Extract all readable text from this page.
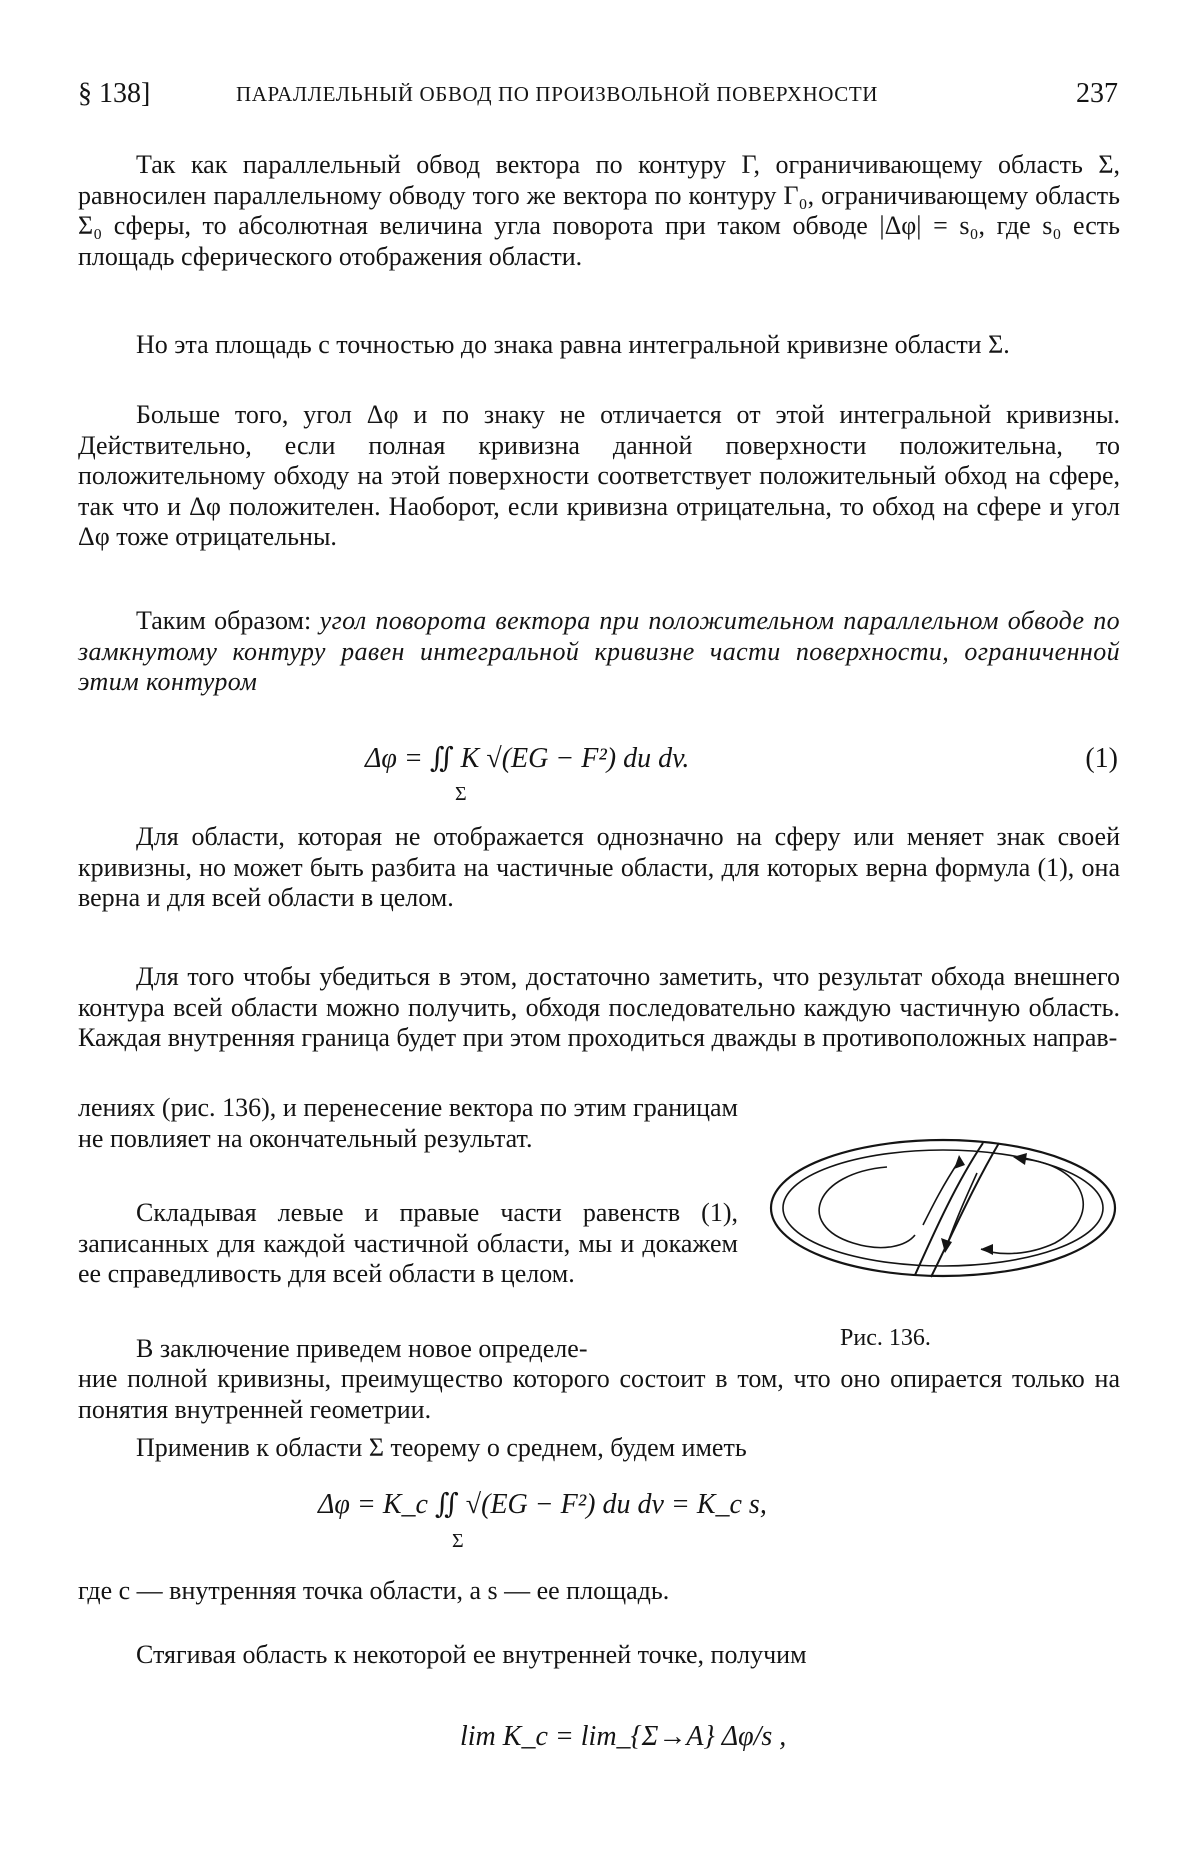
§ 138]	ПАРАЛЛЕЛЬНЫЙ ОБВОД ПО ПРОИЗВОЛЬНОЙ ПОВЕРХНОСТИ	237
Так как параллельный обвод вектора по контуру Γ, ограничивающему область Σ, равносилен параллельному обводу того же вектора по контуру Γ₀, ограничивающему область Σ₀ сферы, то абсолютная величина угла поворота при таком обводе |Δφ| = s₀, где s₀ есть площадь сферического отображения области.
Но эта площадь с точностью до знака равна интегральной кривизне области Σ.
Больше того, угол Δφ и по знаку не отличается от этой интегральной кривизны. Действительно, если полная кривизна данной поверхности положительна, то положительному обходу на этой поверхности соответствует положительный обход на сфере, так что и Δφ положителен. Наоборот, если кривизна отрицательна, то обход на сфере и угол Δφ тоже отрицательны.
Таким образом: угол поворота вектора при положительном параллельном обводе по замкнутому контуру равен интегральной кривизне части поверхности, ограниченной этим контуром
Δφ = ∬ K √(EG − F²) du dv.
Σ
(1)
Для области, которая не отображается однозначно на сферу или меняет знак своей кривизны, но может быть разбита на частичные области, для которых верна формула (1), она верна и для всей области в целом.
Для того чтобы убедиться в этом, достаточно заметить, что результат обхода внешнего контура всей области можно получить, обходя последовательно каждую частичную область. Каждая внутренняя граница будет при этом проходиться дважды в противоположных направ-
лениях (рис. 136), и перенесение вектора по этим границам не повлияет на окончательный результат.
Складывая левые и правые части равенств (1), записанных для каждой частичной области, мы и докажем ее справедливость для всей области в целом.
В заключение приведем новое определе-
ние полной кривизны, преимущество которого состоит в том, что оно опирается только на понятия внутренней геометрии.
Применив к области Σ теорему о среднем, будем иметь
Δφ = K_c ∬ √(EG − F²) du dv = K_c s,
Σ
где c — внутренняя точка области, а s — ее площадь.
Стягивая область к некоторой ее внутренней точке, получим
lim K_c = lim_{Σ→A} Δφ/s ,
Рис. 136.
